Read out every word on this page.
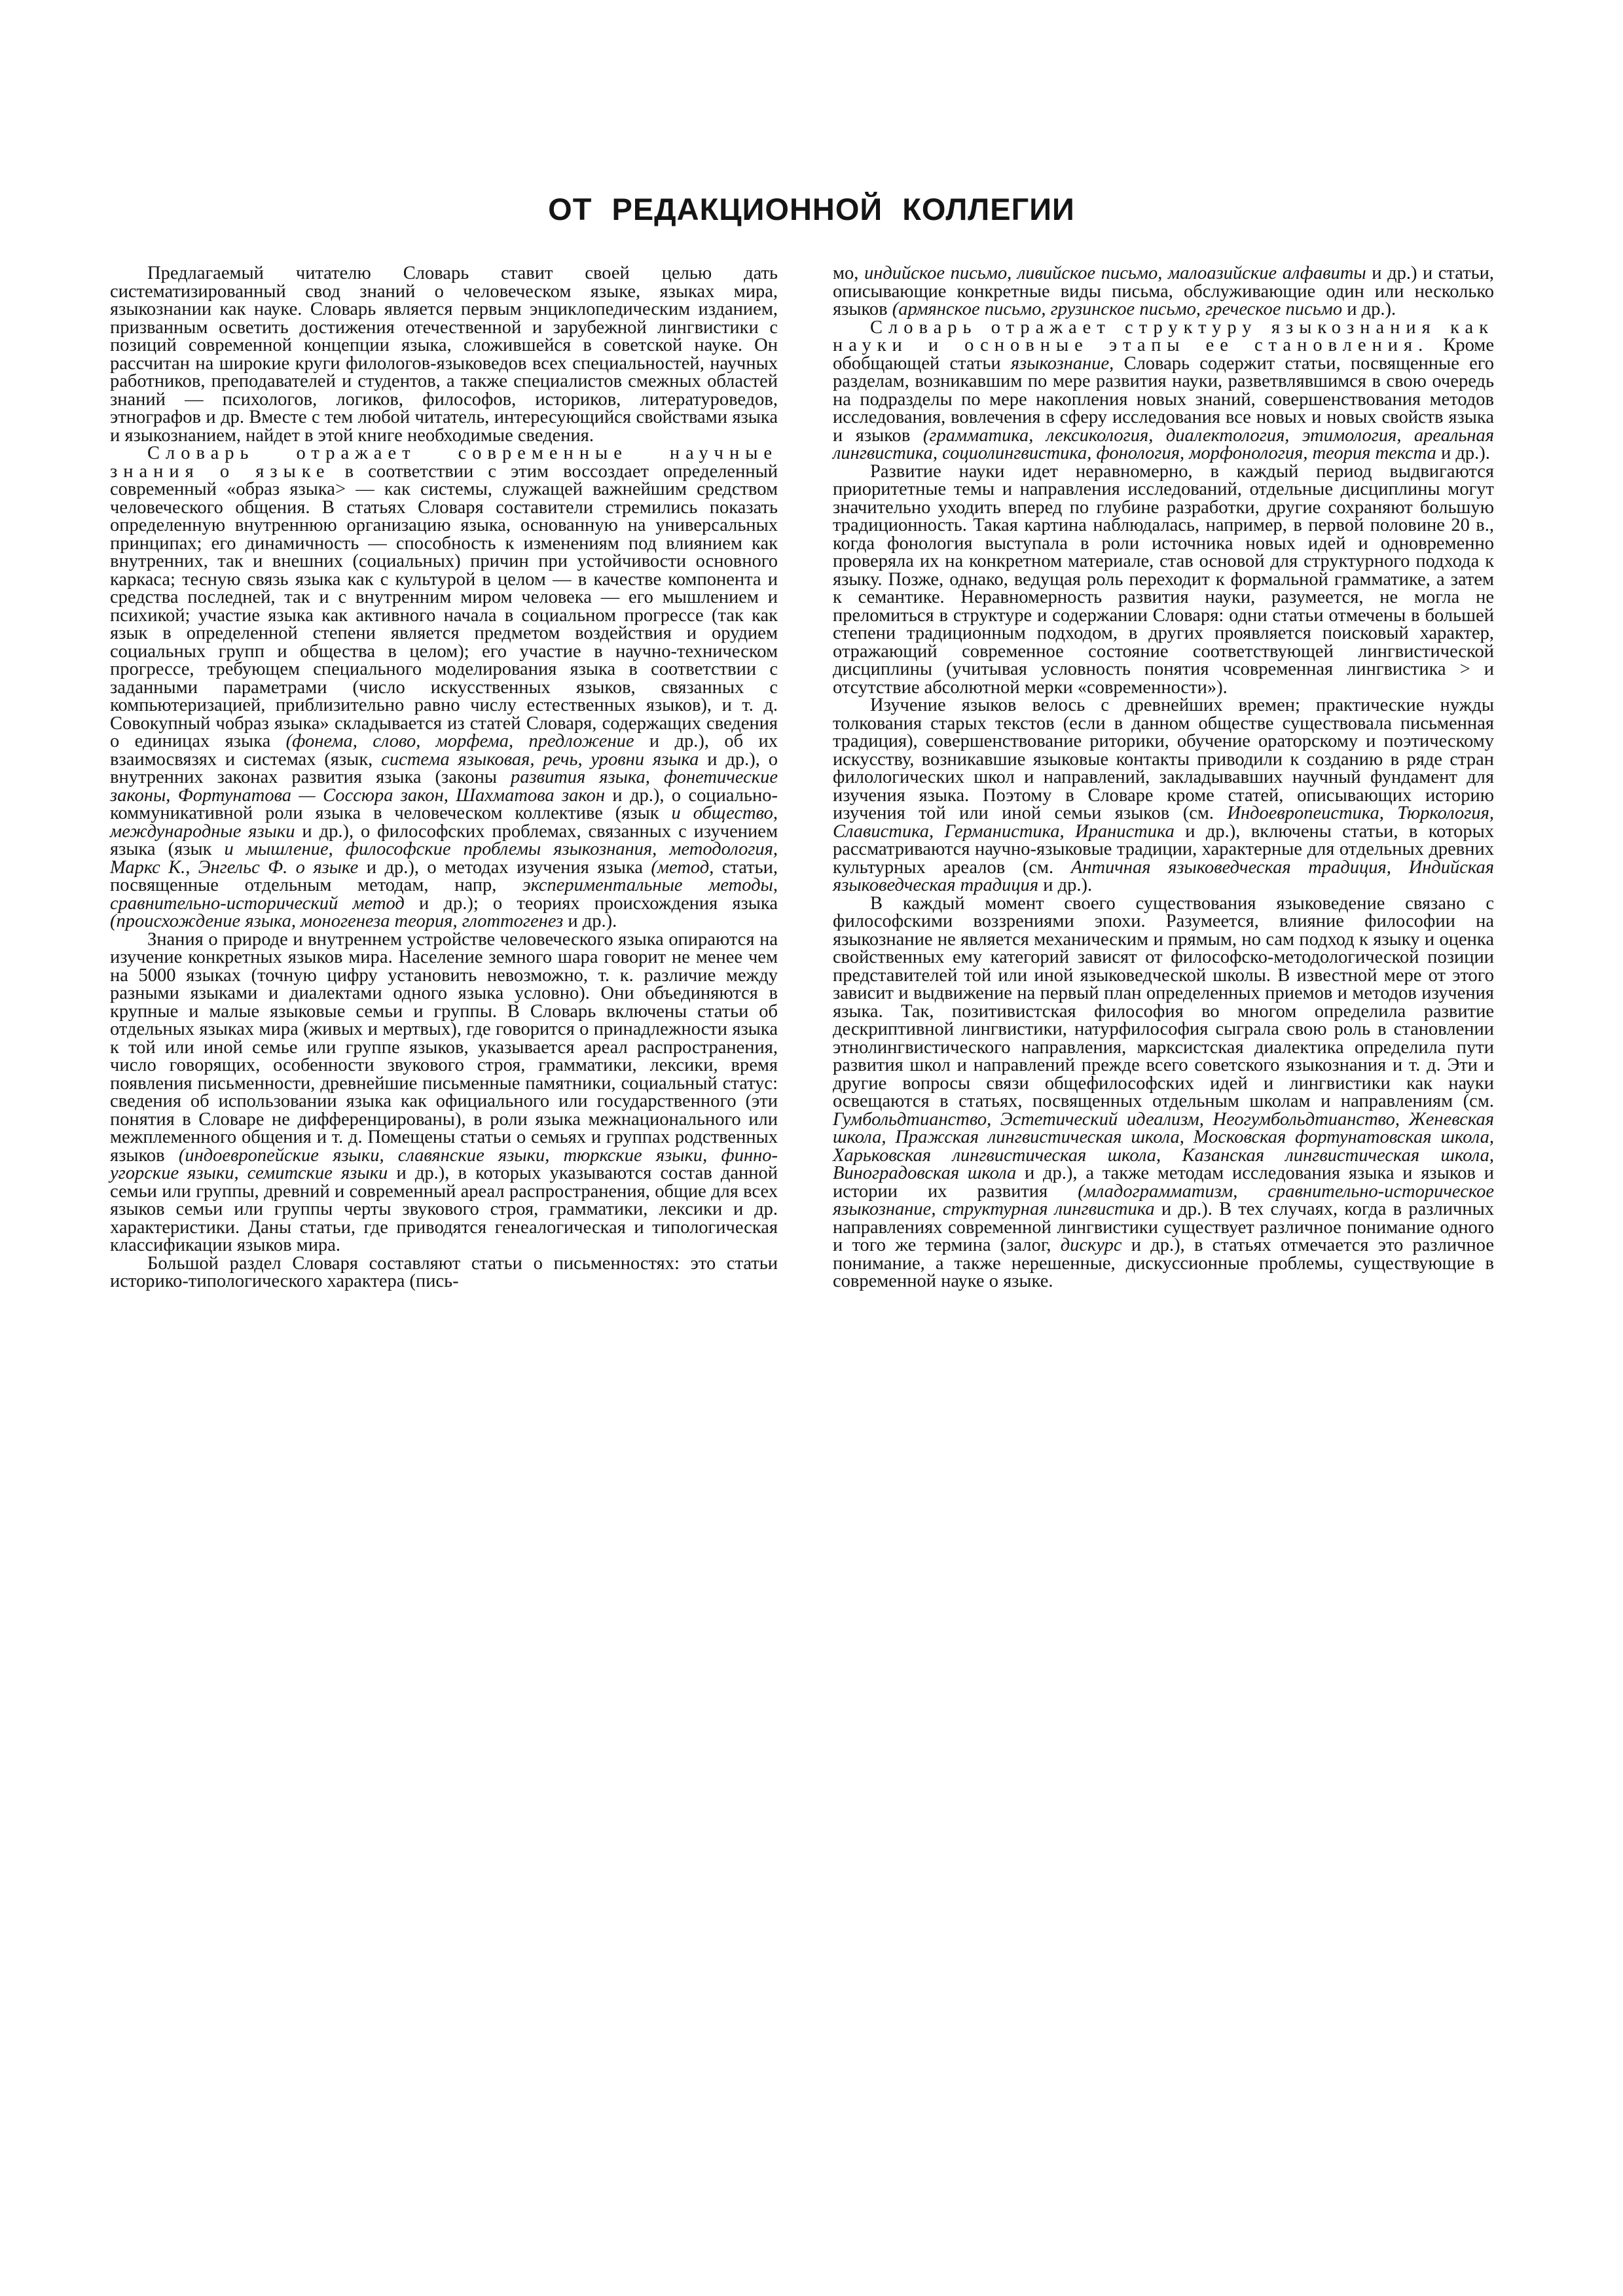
ОТ РЕДАКЦИОННОЙ КОЛЛЕГИИ

Предлагаемый читателю Словарь ставит своей целью дать систематизированный свод знаний о человеческом языке, языках мира, языкознании как науке. Словарь является первым энциклопедическим изданием, призванным осветить достижения отечественной и зарубежной лингвистики с позиций современной концепции языка, сложившейся в советской науке. Он рассчитан на широкие круги филологов-языковедов всех специальностей, научных работников, преподавателей и студентов, а также специалистов смежных областей знаний — психологов, логиков, философов, историков, литературоведов, этнографов и др. Вместе с тем любой читатель, интересующийся свойствами языка и языкознанием, найдет в этой книге необходимые сведения.

Словарь отражает современные научные знания о языке в соответствии с этим воссоздает определенный современный «образ языка> — как системы, служащей важнейшим средством человеческого общения. В статьях Словаря составители стремились показать определенную внутреннюю организацию языка, основанную на универсальных принципах; его динамичность — способность к изменениям под влиянием как внутренних, так и внешних (социальных) причин при устойчивости основного каркаса; тесную связь языка как с культурой в целом — в качестве компонента и средства последней, так и с внутренним миром человека — его мышлением и психикой; участие языка как активного начала в социальном прогрессе (так как язык в определенной степени является предметом воздействия и орудием социальных групп и общества в целом); его участие в научно-техническом прогрессе, требующем специального моделирования языка в соответствии с заданными параметрами (число искусственных языков, связанных с компьютеризацией, приблизительно равно числу естественных языков), и т. д. Совокупный чобраз языка» складывается из статей Словаря, содержащих сведения о единицах языка (фонема, слово, морфема, предложение и др.), об их взаимосвязях и системах (язык, система языковая, речь, уровни языка и др.), о внутренних законах развития языка (законы развития языка, фонетические законы, Фортунатова — Соссюра закон, Шахматова закон и др.), о социально-коммуникативной роли языка в человеческом коллективе (язык и общество, международные языки и др.), о философских проблемах, связанных с изучением языка (язык и мышление, философские проблемы языкознания, методология, Маркс К., Энгельс Ф. о языке и др.), о методах изучения языка (метод, статьи, посвященные отдельным методам, напр, экспериментальные методы, сравнительно-исторический метод и др.); о теориях происхождения языка (происхождение языка, моногенеза теория, глоттогенез и др.).

Знания о природе и внутреннем устройстве человеческого языка опираются на изучение конкретных языков мира. Население земного шара говорит не менее чем на 5000 языках (точную цифру установить невозможно, т. к. различие между разными языками и диалектами одного языка условно). Они объединяются в крупные и малые языковые семьи и группы. В Словарь включены статьи об отдельных языках мира (живых и мертвых), где говорится о принадлежности языка к той или иной семье или группе языков, указывается ареал распространения, число говорящих, особенности звукового строя, грамматики, лексики, время появления письменности, древнейшие письменные памятники, социальный статус: сведения об использовании языка как официального или государственного (эти понятия в Словаре не дифференцированы), в роли языка межнационального или межплеменного общения и т. д. Помещены статьи о семьях и группах родственных языков (индоевропейские языки, славянские языки, тюркские языки, финно-угорские языки, семитские языки и др.), в которых указываются состав данной семьи или группы, древний и современный ареал распространения, общие для всех языков семьи или группы черты звукового строя, грамматики, лексики и др. характеристики. Даны статьи, где приводятся генеалогическая и типологическая классификации языков мира.

Большой раздел Словаря составляют статьи о письменностях: это статьи историко-типологического характера (пись-

мо, индийское письмо, ливийское письмо, малоазийские алфавиты и др.) и статьи, описывающие конкретные виды письма, обслуживающие один или несколько языков (армянское письмо, грузинское письмо, греческое письмо и др.).

Словарь отражает структуру языкознания как науки и основные этапы ее становления. Кроме обобщающей статьи языкознание, Словарь содержит статьи, посвященные его разделам, возникавшим по мере развития науки, разветвлявшимся в свою очередь на подразделы по мере накопления новых знаний, совершенствования методов исследования, вовлечения в сферу исследования все новых и новых свойств языка и языков (грамматика, лексикология, диалектология, этимология, ареальная лингвистика, социолингвистика, фонология, морфонология, теория текста и др.).

Развитие науки идет неравномерно, в каждый период выдвигаются приоритетные темы и направления исследований, отдельные дисциплины могут значительно уходить вперед по глубине разработки, другие сохраняют большую традиционность. Такая картина наблюдалась, например, в первой половине 20 в., когда фонология выступала в роли источника новых идей и одновременно проверяла их на конкретном материале, став основой для структурного подхода к языку. Позже, однако, ведущая роль переходит к формальной грамматике, а затем к семантике. Неравномерность развития науки, разумеется, не могла не преломиться в структуре и содержании Словаря: одни статьи отмечены в большей степени традиционным подходом, в других проявляется поисковый характер, отражающий современное состояние соответствующей лингвистической дисциплины (учитывая условность понятия чсовременная лингвистика > и отсутствие абсолютной мерки «современности»).

Изучение языков велось с древнейших времен; практические нужды толкования старых текстов (если в данном обществе существовала письменная традиция), совершенствование риторики, обучение ораторскому и поэтическому искусству, возникавшие языковые контакты приводили к созданию в ряде стран филологических школ и направлений, закладывавших научный фундамент для изучения языка. Поэтому в Словаре кроме статей, описывающих историю изучения той или иной семьи языков (см. Индоевропеистика, Тюркология, Славистика, Германистика, Иранистика и др.), включены статьи, в которых рассматриваются научно-языковые традиции, характерные для отдельных древних культурных ареалов (см. Античная языковедческая традиция, Индийская языковедческая традиция и др.).

В каждый момент своего существования языковедение связано с философскими воззрениями эпохи. Разумеется, влияние философии на языкознание не является механическим и прямым, но сам подход к языку и оценка свойственных ему категорий зависят от философско-методологической позиции представителей той или иной языковедческой школы. В известной мере от этого зависит и выдвижение на первый план определенных приемов и методов изучения языка. Так, позитивистская философия во многом определила развитие дескриптивной лингвистики, натурфилософия сыграла свою роль в становлении этнолингвистического направления, марксистская диалектика определила пути развития школ и направлений прежде всего советского языкознания и т. д. Эти и другие вопросы связи общефилософских идей и лингвистики как науки освещаются в статьях, посвященных отдельным школам и направлениям (см. Гумбольдтианство, Эстетический идеализм, Неогумбольдтианство, Женевская школа, Пражская лингвистическая школа, Московская фортунатовская школа, Харьковская лингвистическая школа, Казанская лингвистическая школа, Виноградовская школа и др.), а также методам исследования языка и языков и истории их развития (младограмматизм, сравнительно-историческое языкознание, структурная лингвистика и др.). В тех случаях, когда в различных направлениях современной лингвистики существует различное понимание одного и того же термина (залог, дискурс и др.), в статьях отмечается это различное понимание, а также нерешенные, дискуссионные проблемы, существующие в современной науке о языке.
